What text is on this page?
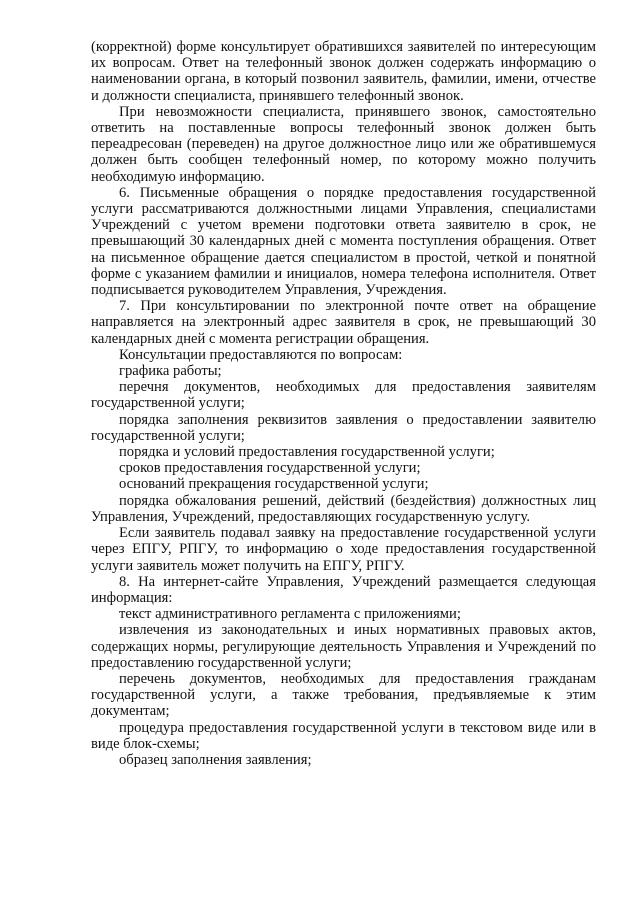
(корректной) форме консультирует обратившихся заявителей по интересующим их вопросам. Ответ на телефонный звонок должен содержать информацию о наименовании органа, в который позвонил заявитель, фамилии, имени, отчестве и должности специалиста, принявшего телефонный звонок.

При невозможности специалиста, принявшего звонок, самостоятельно ответить на поставленные вопросы телефонный звонок должен быть переадресован (переведен) на другое должностное лицо или же обратившемуся должен быть сообщен телефонный номер, по которому можно получить необходимую информацию.

6. Письменные обращения о порядке предоставления государственной услуги рассматриваются должностными лицами Управления, специалистами Учреждений с учетом времени подготовки ответа заявителю в срок, не превышающий 30 календарных дней с момента поступления обращения. Ответ на письменное обращение дается специалистом в простой, четкой и понятной форме с указанием фамилии и инициалов, номера телефона исполнителя. Ответ подписывается руководителем Управления, Учреждения.

7. При консультировании по электронной почте ответ на обращение направляется на электронный адрес заявителя в срок, не превышающий 30 календарных дней с момента регистрации обращения.

Консультации предоставляются по вопросам:

графика работы;

перечня документов, необходимых для предоставления заявителям государственной услуги;

порядка заполнения реквизитов заявления о предоставлении заявителю государственной услуги;

порядка и условий предоставления государственной услуги;

сроков предоставления государственной услуги;

оснований прекращения государственной услуги;

порядка обжалования решений, действий (бездействия) должностных лиц Управления, Учреждений, предоставляющих государственную услугу.

Если заявитель подавал заявку на предоставление государственной услуги через ЕПГУ, РПГУ, то информацию о ходе предоставления государственной услуги заявитель может получить на ЕПГУ, РПГУ.

8. На интернет-сайте Управления, Учреждений размещается следующая информация:

текст административного регламента с приложениями;

извлечения из законодательных и иных нормативных правовых актов, содержащих нормы, регулирующие деятельность Управления и Учреждений по предоставлению государственной услуги;

перечень документов, необходимых для предоставления гражданам государственной услуги, а также требования, предъявляемые к этим документам;

процедура предоставления государственной услуги в текстовом виде или в виде блок-схемы;

образец заполнения заявления;
